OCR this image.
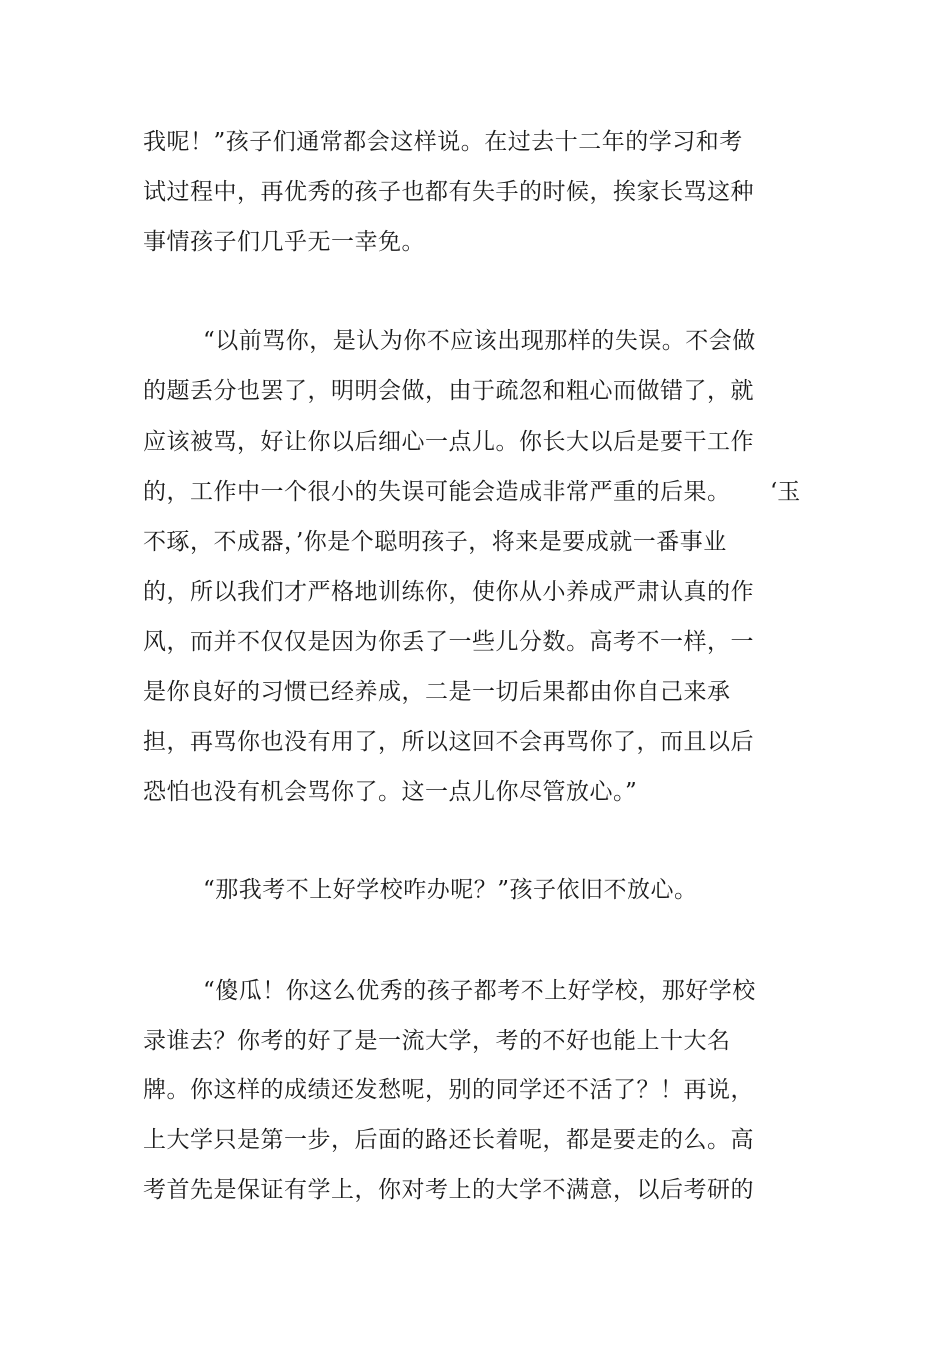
我呢！”孩子们通常都会这样说。在过去十二年的学习和考
试过程中，再优秀的孩子也都有失手的时候，挨家长骂这种
事情孩子们几乎无一幸免。
“以前骂你，是认为你不应该出现那样的失误。不会做
的题丢分也罢了，明明会做，由于疏忽和粗心而做错了，就
应该被骂，好让你以后细心一点儿。你长大以后是要干工作
的，工作中一个很小的失误可能会造成非常严重的后果。 ‘玉
不琢，不成器，’你是个聪明孩子，将来是要成就一番事业
的，所以我们才严格地训练你，使你从小养成严肃认真的作
风，而并不仅仅是因为你丢了一些儿分数。高考不一样，一
是你良好的习惯已经养成，二是一切后果都由你自己来承
担，再骂你也没有用了，所以这回不会再骂你了，而且以后
恐怕也没有机会骂你了。这一点儿你尽管放心。”
“那我考不上好学校咋办呢？”孩子依旧不放心。
“傻瓜！你这么优秀的孩子都考不上好学校，那好学校
录谁去？你考的好了是一流大学，考的不好也能上十大名
牌。你这样的成绩还发愁呢，别的同学还不活了？！再说，
上大学只是第一步，后面的路还长着呢，都是要走的么。高
考首先是保证有学上，你对考上的大学不满意，以后考研的
